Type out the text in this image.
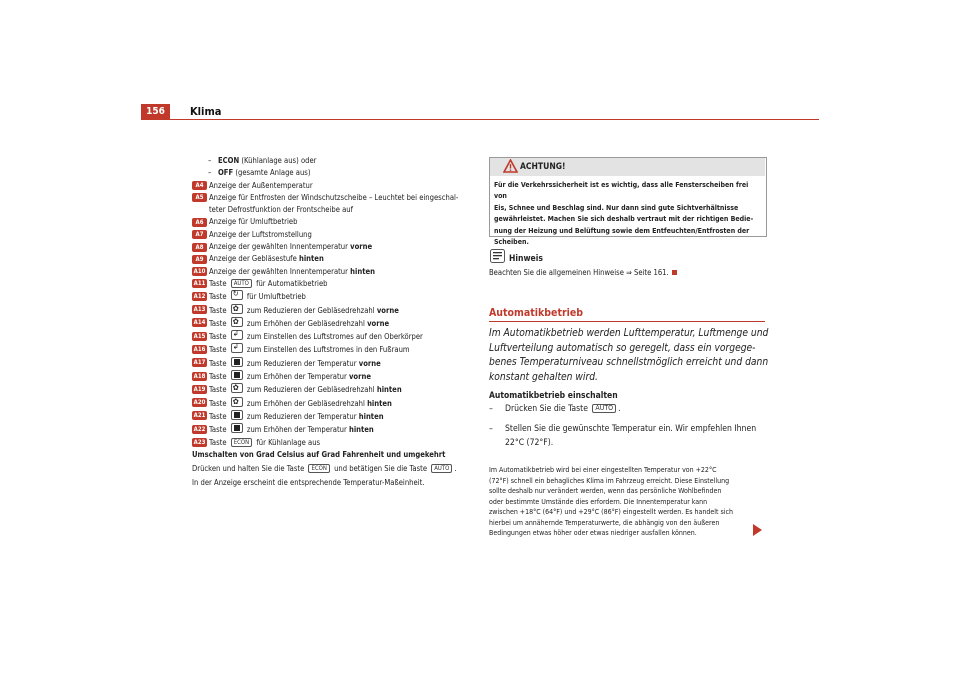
156	Klima
– ECON (Kühlanlage aus) oder
– OFF (gesamte Anlage aus)
A4 Anzeige der Außentemperatur
A5 Anzeige für Entfrosten der Windschutzscheibe – Leuchtet bei eingeschal-
teter Defrostfunktion der Frontscheibe auf
A6 Anzeige für Umluftbetrieb
A7 Anzeige der Luftstromstellung
A8 Anzeige der gewählten Innentemperatur vorne
A9 Anzeige der Gebläsestufe hinten
A10 Anzeige der gewählten Innentemperatur hinten
A11 Taste AUTO für Automatikbetrieb
A12 Taste ↻ für Umluftbetrieb
A13 Taste ✿ zum Reduzieren der Gebläsedrehzahl vorne
A14 Taste ✿ zum Erhöhen der Gebläsedrehzahl vorne
A15 Taste ↲ zum Einstellen des Luftstromes auf den Oberkörper
A16 Taste ↲ zum Einstellen des Luftstromes in den Fußraum
A17 Taste  zum Reduzieren der Temperatur vorne
A18 Taste  zum Erhöhen der Temperatur vorne
A19 Taste ✿ zum Reduzieren der Gebläsedrehzahl hinten
A20 Taste ✿ zum Erhöhen der Gebläsedrehzahl hinten
A21 Taste  zum Reduzieren der Temperatur hinten
A22 Taste  zum Erhöhen der Temperatur hinten
A23 Taste ECON für Kühlanlage aus
Umschalten von Grad Celsius auf Grad Fahrenheit und umgekehrt
Drücken und halten Sie die Taste ECON und betätigen Sie die Taste AUTO .
In der Anzeige erscheint die entsprechende Temperatur-Maßeinheit.
ACHTUNG!
Für die Verkehrssicherheit ist es wichtig, dass alle Fensterscheiben frei von
Eis, Schnee und Beschlag sind. Nur dann sind gute Sichtverhältnisse
gewährleistet. Machen Sie sich deshalb vertraut mit der richtigen Bedie-
nung der Heizung und Belüftung sowie dem Entfeuchten/Entfrosten der
Scheiben.
Hinweis
Beachten Sie die allgemeinen Hinweise ⇒ Seite 161.
Automatikbetrieb
Im Automatikbetrieb werden Lufttemperatur, Luftmenge und
Luftverteilung automatisch so geregelt, dass ein vorgege-
benes Temperaturniveau schnellstmöglich erreicht und dann
konstant gehalten wird.
Automatikbetrieb einschalten
– Drücken Sie die Taste AUTO .
– Stellen Sie die gewünschte Temperatur ein. Wir empfehlen Ihnen
22°C (72°F).
Im Automatikbetrieb wird bei einer eingestellten Temperatur von +22°C
(72°F) schnell ein behagliches Klima im Fahrzeug erreicht. Diese Einstellung
sollte deshalb nur verändert werden, wenn das persönliche Wohlbefinden
oder bestimmte Umstände dies erfordern. Die Innentemperatur kann
zwischen +18°C (64°F) und +29°C (86°F) eingestellt werden. Es handelt sich
hierbei um annähernde Temperaturwerte, die abhängig von den äußeren
Bedingungen etwas höher oder etwas niedriger ausfallen können.
